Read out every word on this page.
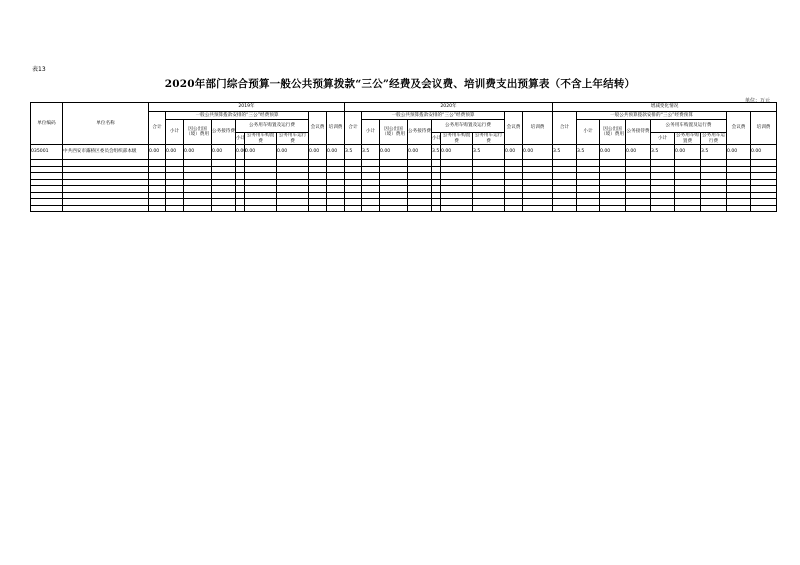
表13
2020年部门综合预算一般公共预算拨款“三公”经费及会议费、培训费支出预算表（不含上年结转）
单位：万元
单位编码	单位名称	2019年									2020年									增减变化情况								
		合计	一般公共预算拨款安排的“三公”经费预算						会议费	培训费	合计	一般公共预算拨款安排的“三公”经费预算						会议费	培训费	合计	一般公共预算拨款安排的“三公”经费预算						会议费	培训费
			小计	因公出国（境）费用	公务接待费	公务用车购置及运行费						小计	因公出国（境）费用	公务接待费	公务用车购置及运行费						小计	因公出国（境）费用	公务接待费	公务用车购置及运行费				
						小计	公务用车购置费	公务用车运行费							小计	公务用车购置费	公务用车运行费							小计	公务用车购置费	公务用车运行费		
035001	中共西安市灞桥区委员会组织部本级	0.00	0.00	0.00	0.00	0.00	0.00	0.00	0.00	0.00	3.5	3.5	0.00	0.00	3.5	0.00	3.5	0.00	0.00	3.5	3.5	0.00	0.00	3.5	0.00	3.5	0.00	0.00
